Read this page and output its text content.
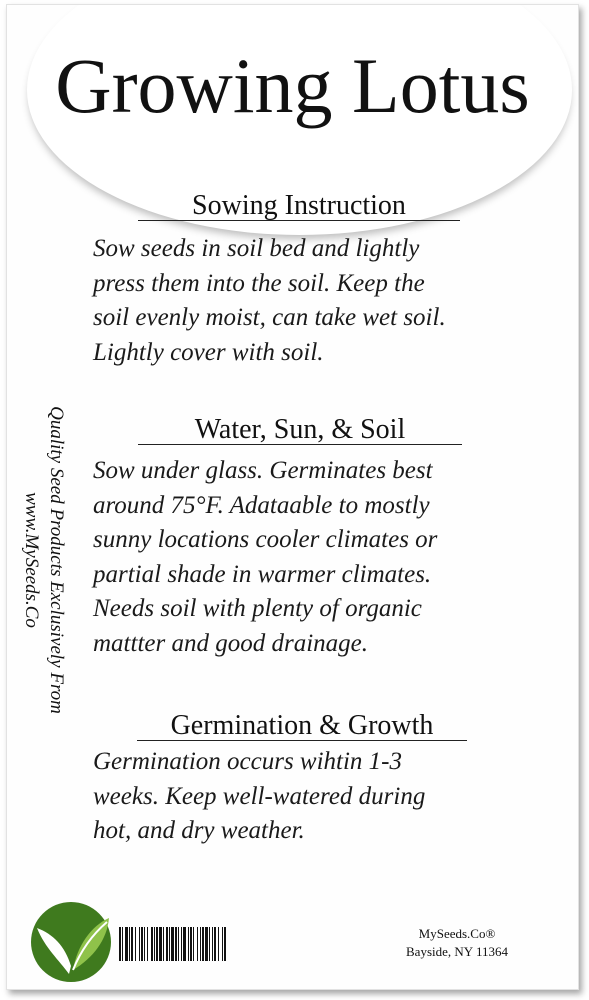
Growing Lotus
Sowing Instruction
Sow seeds in soil bed and lightly
press them into the soil. Keep the
soil evenly moist, can take wet soil.
Lightly cover with soil.
Water, Sun, & Soil
Sow under glass. Germinates best
around 75°F. Adataable to mostly
sunny locations cooler climates or
partial shade in warmer climates.
Needs soil with plenty of organic
mattter and good drainage.
Germination & Growth
Germination occurs wihtin 1-3
weeks. Keep well-watered during
hot, and dry weather.
Quality Seed Products Exclusively From
www.MySeeds.Co
MySeeds.Co®
Bayside, NY 11364
